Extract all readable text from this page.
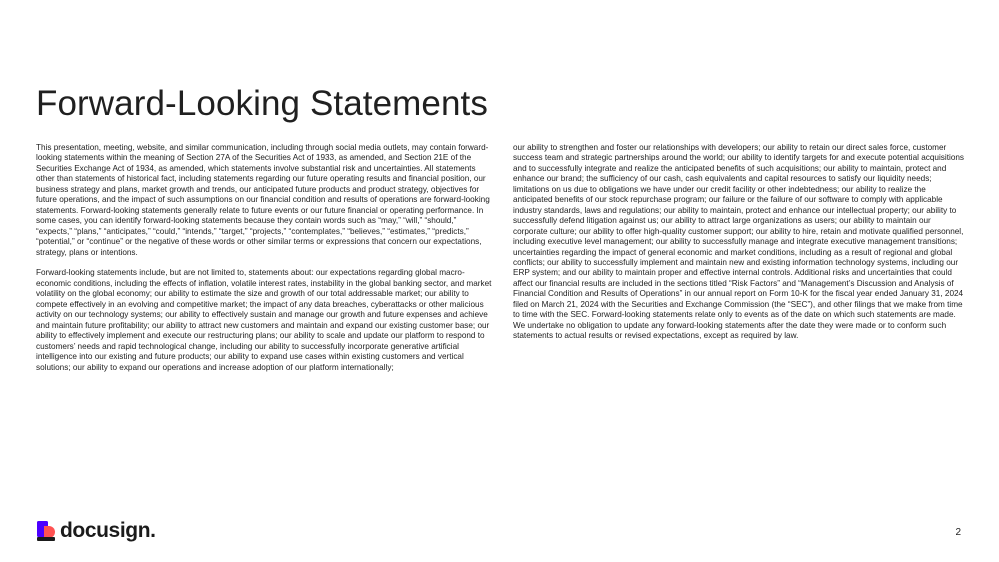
Forward-Looking Statements

This presentation, meeting, website, and similar communication, including through social media outlets, may contain forward-looking statements within the meaning of Section 27A of the Securities Act of 1933, as amended, and Section 21E of the Securities Exchange Act of 1934, as amended, which statements involve substantial risk and uncertainties. All statements other than statements of historical fact, including statements regarding our future operating results and financial position, our business strategy and plans, market growth and trends, our anticipated future products and product strategy, objectives for future operations, and the impact of such assumptions on our financial condition and results of operations are forward-looking statements. Forward-looking statements generally relate to future events or our future financial or operating performance. In some cases, you can identify forward-looking statements because they contain words such as “may,” “will,” “should,” “expects,” “plans,” “anticipates,” “could,” “intends,” “target,” “projects,” “contemplates,” “believes,” “estimates,” “predicts,” “potential,” or “continue” or the negative of these words or other similar terms or expressions that concern our expectations, strategy, plans or intentions.

Forward-looking statements include, but are not limited to, statements about: our expectations regarding global macro-economic conditions, including the effects of inflation, volatile interest rates, instability in the global banking sector, and market volatility on the global economy; our ability to estimate the size and growth of our total addressable market; our ability to compete effectively in an evolving and competitive market; the impact of any data breaches, cyberattacks or other malicious activity on our technology systems; our ability to effectively sustain and manage our growth and future expenses and achieve and maintain future profitability; our ability to attract new customers and maintain and expand our existing customer base; our ability to effectively implement and execute our restructuring plans; our ability to scale and update our platform to respond to customers’ needs and rapid technological change, including our ability to successfully incorporate generative artificial intelligence into our existing and future products; our ability to expand use cases within existing customers and vertical solutions; our ability to expand our operations and increase adoption of our platform internationally;

our ability to strengthen and foster our relationships with developers; our ability to retain our direct sales force, customer success team and strategic partnerships around the world; our ability to identify targets for and execute potential acquisitions and to successfully integrate and realize the anticipated benefits of such acquisitions; our ability to maintain, protect and enhance our brand; the sufficiency of our cash, cash equivalents and capital resources to satisfy our liquidity needs; limitations on us due to obligations we have under our credit facility or other indebtedness; our ability to realize the anticipated benefits of our stock repurchase program; our failure or the failure of our software to comply with applicable industry standards, laws and regulations; our ability to maintain, protect and enhance our intellectual property; our ability to successfully defend litigation against us; our ability to attract large organizations as users; our ability to maintain our corporate culture; our ability to offer high-quality customer support; our ability to hire, retain and motivate qualified personnel, including executive level management; our ability to successfully manage and integrate executive management transitions; uncertainties regarding the impact of general economic and market conditions, including as a result of regional and global conflicts; our ability to successfully implement and maintain new and existing information technology systems, including our ERP system; and our ability to maintain proper and effective internal controls. Additional risks and uncertainties that could affect our financial results are included in the sections titled “Risk Factors” and “Management’s Discussion and Analysis of Financial Condition and Results of Operations” in our annual report on Form 10-K for the fiscal year ended January 31, 2024 filed on March 21, 2024 with the Securities and Exchange Commission (the “SEC”), and other filings that we make from time to time with the SEC. Forward-looking statements relate only to events as of the date on which such statements are made. We undertake no obligation to update any forward-looking statements after the date they were made or to conform such statements to actual results or revised expectations, except as required by law.

docusign.	2
